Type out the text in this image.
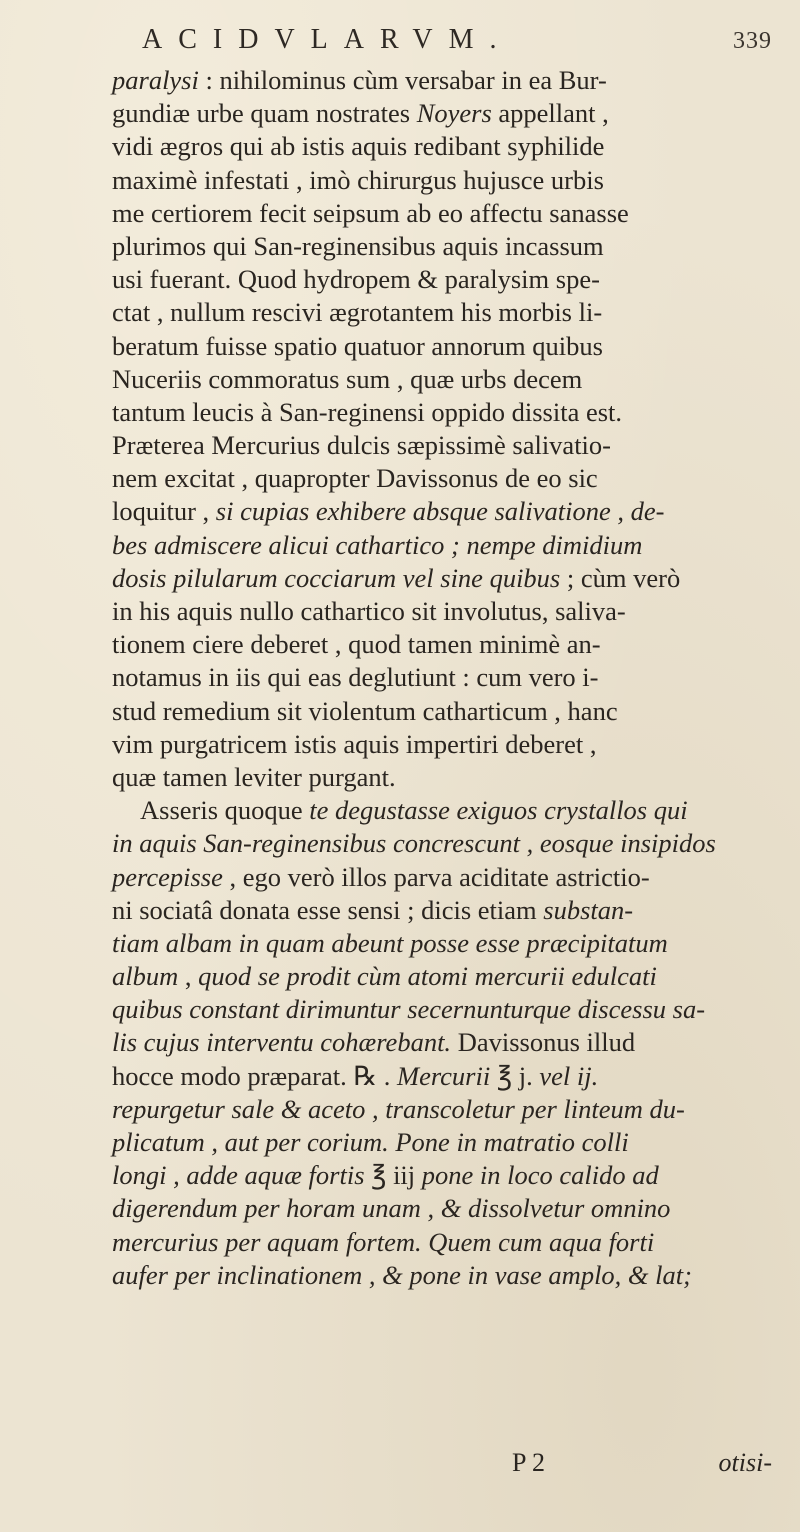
ACIDVLARVM.	339
paralysi : nihilominus cùm versabar in ea Bur-
gundiæ urbe quam nostrates Noyers appellant ,
vidi ægros qui ab istis aquis redibant syphilide
maximè infestati , imò chirurgus hujusce urbis
me certiorem fecit seipsum ab eo affectu sanasse
plurimos qui San-reginensibus aquis incassum
usi fuerant. Quod hydropem & paralysim spe-
ctat , nullum rescivi ægrotantem his morbis li-
beratum fuisse spatio quatuor annorum quibus
Nuceriis commoratus sum , quæ urbs decem
tantum leucis à San-reginensi oppido dissita est.
Præterea Mercurius dulcis sæpissimè salivatio-
nem excitat , quapropter Davissonus de eo sic
loquitur , si cupias exhibere absque salivatione , de-
bes admiscere alicui cathartico ; nempe dimidium
dosis pilularum cocciarum vel sine quibus ; cùm verò
in his aquis nullo cathartico sit involutus, saliva-
tionem ciere deberet , quod tamen minimè an-
notamus in iis qui eas deglutiunt : cum vero i-
stud remedium sit violentum catharticum , hanc
vim purgatricem istis aquis impertiri deberet ,
quæ tamen leviter purgant.
Asseris quoque te degustasse exiguos crystallos qui
in aquis San-reginensibus concrescunt , eosque insipidos
percepisse , ego verò illos parva aciditate astrictio-
ni sociatâ donata esse sensi ; dicis etiam substan-
tiam albam in quam abeunt posse esse præcipitatum
album , quod se prodit cùm atomi mercurii edulcati
quibus constant dirimuntur secernunturque discessu sa-
lis cujus interventu cohærebant. Davissonus illud
hocce modo præparat. ℞ . Mercurii ℥ j. vel ij.
repurgetur sale & aceto , transcoletur per linteum du-
plicatum , aut per corium. Pone in matratio colli
longi , adde aquæ fortis ℥ iij pone in loco calido ad
digerendum per horam unam , & dissolvetur omnino
mercurius per aquam fortem. Quem cum aqua forti
aufer per inclinationem , & pone in vase amplo, & lat;
P 2	otisi-
